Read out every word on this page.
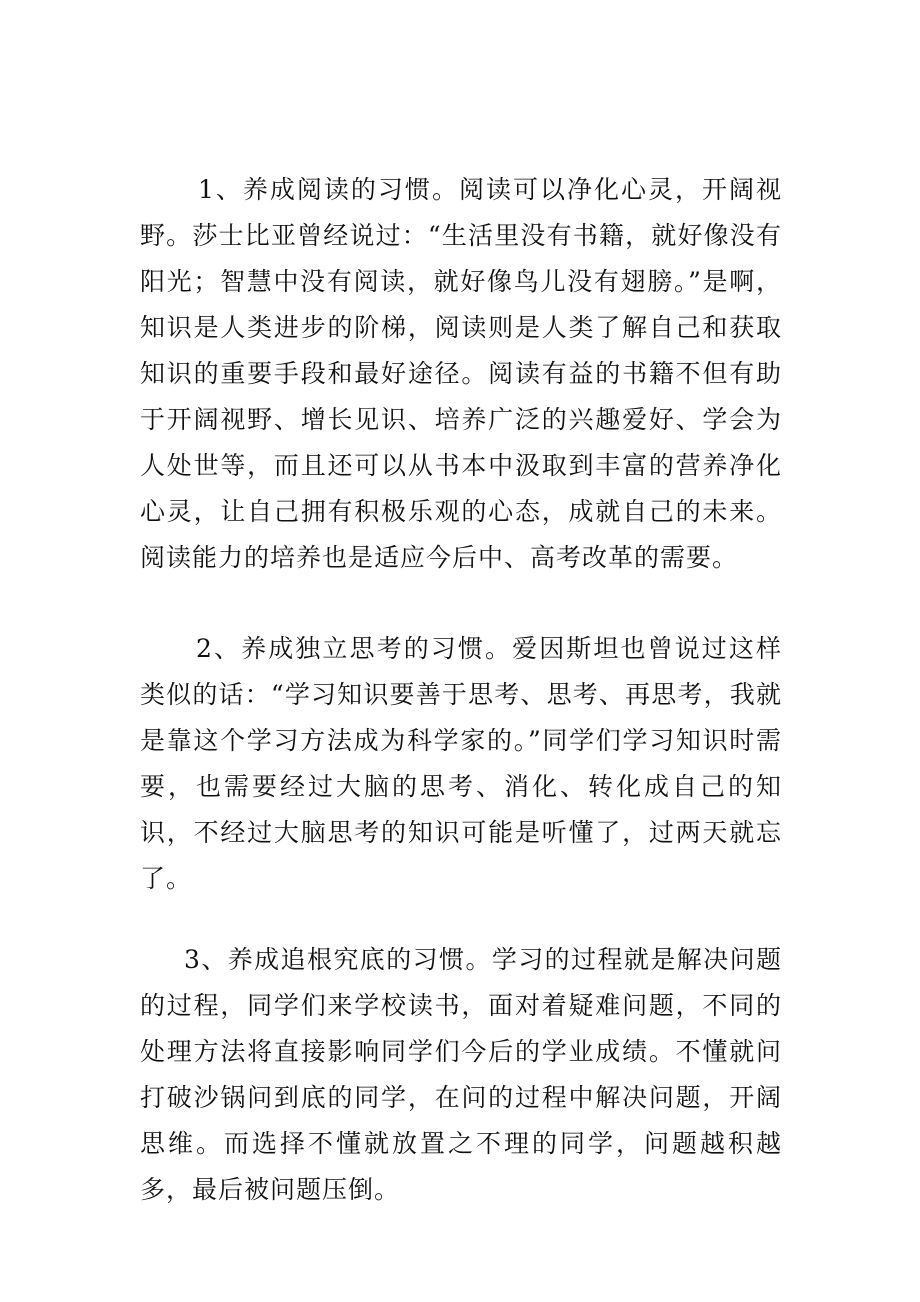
1、养成阅读的习惯。阅读可以净化心灵，开阔视野。莎士比亚曾经说过：“生活里没有书籍，就好像没有阳光；智慧中没有阅读，就好像鸟儿没有翅膀。”是啊，知识是人类进步的阶梯，阅读则是人类了解自己和获取知识的重要手段和最好途径。阅读有益的书籍不但有助于开阔视野、增长见识、培养广泛的兴趣爱好、学会为人处世等，而且还可以从书本中汲取到丰富的营养净化心灵，让自己拥有积极乐观的心态，成就自己的未来。阅读能力的培养也是适应今后中、高考改革的需要。

2、养成独立思考的习惯。爱因斯坦也曾说过这样类似的话：“学习知识要善于思考、思考、再思考，我就是靠这个学习方法成为科学家的。”同学们学习知识时需要，也需要经过大脑的思考、消化、转化成自己的知识，不经过大脑思考的知识可能是听懂了，过两天就忘了。

3、养成追根究底的习惯。学习的过程就是解决问题的过程，同学们来学校读书，面对着疑难问题，不同的处理方法将直接影响同学们今后的学业成绩。不懂就问打破沙锅问到底的同学，在问的过程中解决问题，开阔思维。而选择不懂就放置之不理的同学，问题越积越多，最后被问题压倒。
